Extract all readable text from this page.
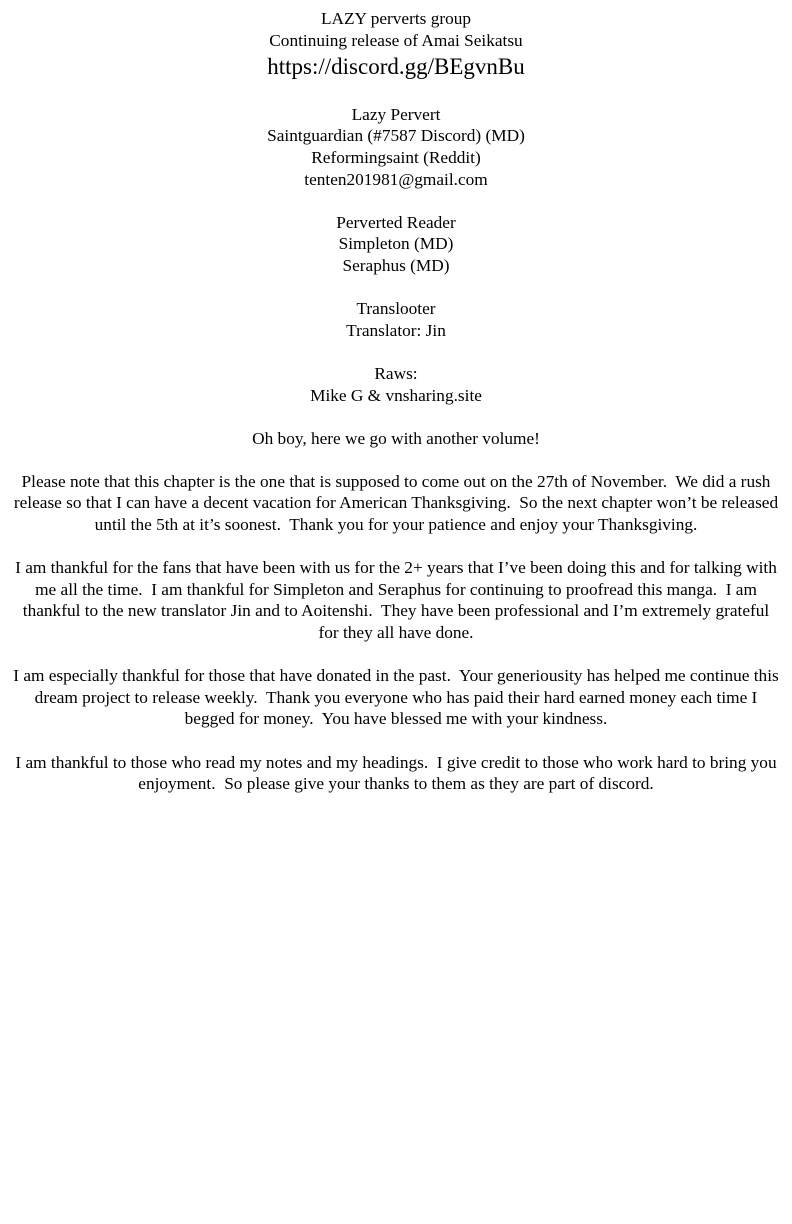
LAZY perverts group
Continuing release of Amai Seikatsu
https://discord.gg/BEgvnBu
Lazy Pervert
Saintguardian (#7587 Discord) (MD)
Reformingsaint (Reddit)
tenten201981@gmail.com
Perverted Reader
Simpleton (MD)
Seraphus (MD)
Translooter
Translator: Jin
Raws:
Mike G & vnsharing.site

Oh boy, here we go with another volume!

Please note that this chapter is the one that is supposed to come out on the 27th of November.  We did a rush release so that I can have a decent vacation for American Thanksgiving.  So the next chapter won’t be released until the 5th at it’s soonest.  Thank you for your patience and enjoy your Thanksgiving.

I am thankful for the fans that have been with us for the 2+ years that I’ve been doing this and for talking with me all the time.  I am thankful for Simpleton and Seraphus for continuing to proofread this manga.  I am thankful to the new translator Jin and to Aoitenshi.  They have been professional and I’m extremely grateful for they all have done.

I am especially thankful for those that have donated in the past.  Your generiousity has helped me continue this dream project to release weekly.  Thank you everyone who has paid their hard earned money each time I begged for money.  You have blessed me with your kindness.

I am thankful to those who read my notes and my headings.  I give credit to those who work hard to bring you enjoyment.  So please give your thanks to them as they are part of discord.
